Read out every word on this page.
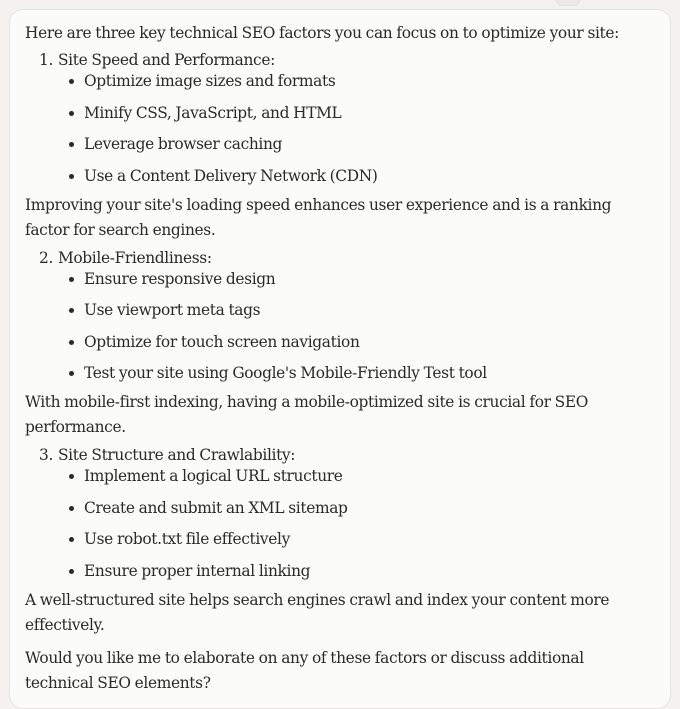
Here are three key technical SEO factors you can focus on to optimize your site:

1. Site Speed and Performance:

Optimize image sizes and formats
Minify CSS, JavaScript, and HTML
Leverage browser caching
Use a Content Delivery Network (CDN)

Improving your site's loading speed enhances user experience and is a ranking factor for search engines.

2. Mobile-Friendliness:

Ensure responsive design
Use viewport meta tags
Optimize for touch screen navigation
Test your site using Google's Mobile-Friendly Test tool

With mobile-first indexing, having a mobile-optimized site is crucial for SEO performance.

3. Site Structure and Crawlability:

Implement a logical URL structure
Create and submit an XML sitemap
Use robot.txt file effectively
Ensure proper internal linking

A well-structured site helps search engines crawl and index your content more effectively.

Would you like me to elaborate on any of these factors or discuss additional technical SEO elements?
